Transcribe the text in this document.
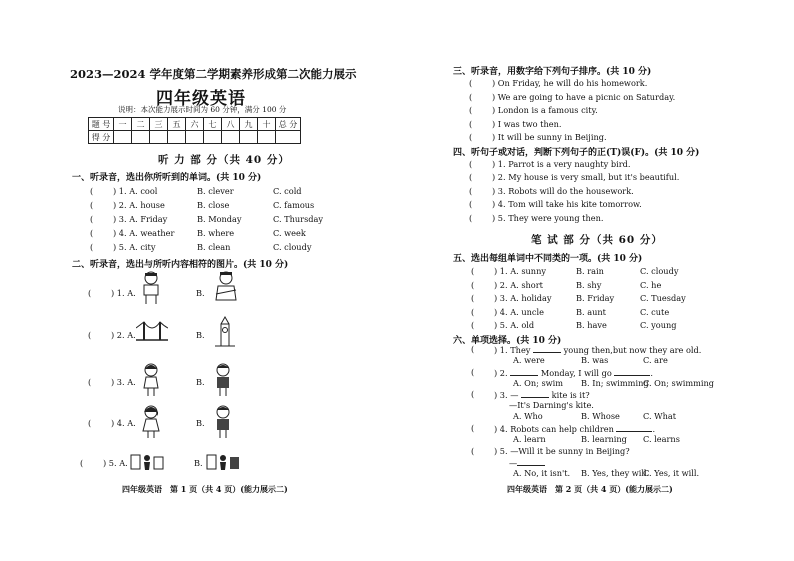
2023—2024 学年度第二学期素养形成第二次能力展示
四年级英语
说明：本次能力展示时间为 60 分钟，满分 100 分
题 号	一	二	三	五	六	七	八	九	十	总 分
得 分										
听 力 部 分（共 40 分）
一、听录音，选出你所听到的单词。(共 10 分)
( ) 1. A. cool	B. clever	C. cold
( ) 2. A. house	B. close	C. famous
( ) 3. A. Friday	B. Monday	C. Thursday
( ) 4. A. weather	B. where	C. week
( ) 5. A. city	B. clean	C. cloudy
二、听录音，选出与所听内容相符的图片。(共 10 分)
( ) 1. A.	B.
( ) 2. A.	B.
( ) 3. A.	B.
( ) 4. A.	B.
( ) 5. A.	B.
四年级英语　第 1 页（共 4 页）(能力展示二)
三、听录音，用数字给下列句子排序。(共 10 分)
( ) On Friday, he will do his homework.
( ) We are going to have a picnic on Saturday.
( ) London is a famous city.
( ) I was two then.
( ) It will be sunny in Beijing.
四、听句子或对话，判断下列句子的正(T)误(F)。(共 10 分)
( ) 1. Parrot is a very naughty bird.
( ) 2. My house is very small, but it's beautiful.
( ) 3. Robots will do the housework.
( ) 4. Tom will take his kite tomorrow.
( ) 5. They were young then.
笔 试 部 分（共 60 分）
五、选出每组单词中不同类的一项。(共 10 分)
( ) 1. A. sunny	B. rain	C. cloudy
( ) 2. A. short	B. shy	C. he
( ) 3. A. holiday	B. Friday	C. Tuesday
( ) 4. A. uncle	B. aunt	C. cute
( ) 5. A. old	B. have	C. young
六、单项选择。(共 10 分)
( ) 1. They	young then,but now they are old.
A. were	B. was	C. are
( ) 2.	Monday, I will go	.
A. On; swim B. In; swimming
C. On; swimming
( ) 3. —	kite is it?
—It's Darning's kite.
A. Who	B. Whose	C. What
( ) 4. Robots can help children	.
A. learn	B. learning C. learns
( ) 5. —Will it be sunny in Beijing?
—
A. No, it isn't. B. Yes, they will.
C. Yes, it will.
四年级英语　第 2 页（共 4 页）(能力展示二)
